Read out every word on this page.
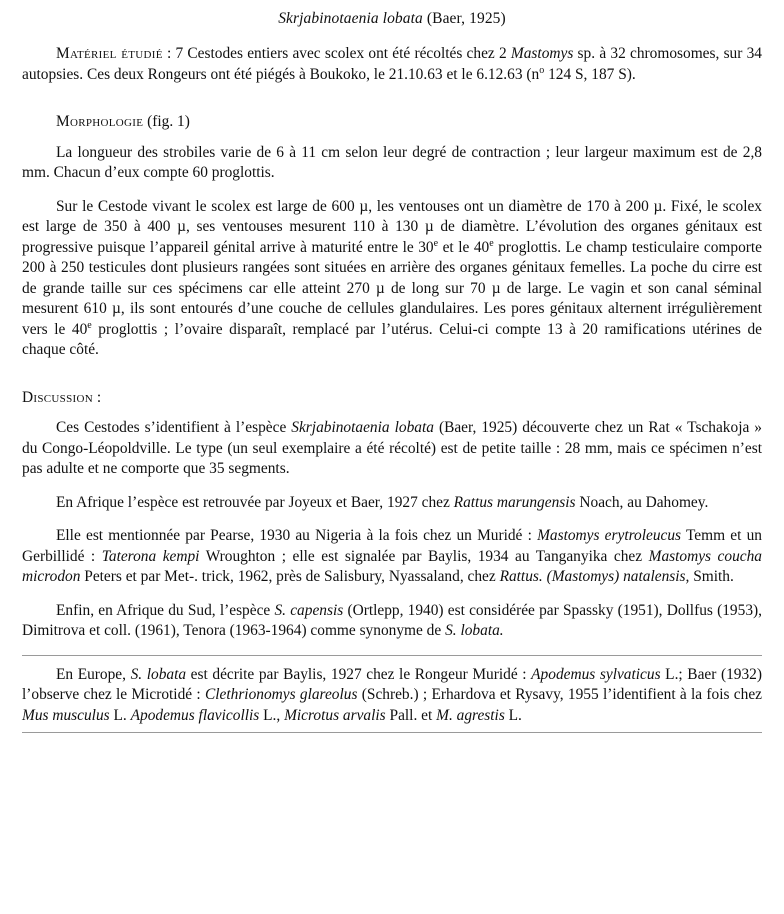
Skrjabinotaenia lobata (Baer, 1925)

Matériel étudié : 7 Cestodes entiers avec scolex ont été récoltés chez 2 Mastomys sp. à 32 chromosomes, sur 34 autopsies. Ces deux Rongeurs ont été piégés à Boukoko, le 21.10.63 et le 6.12.63 ($n^o$ 124 S, 187 S).

Morphologie (fig. 1)

La longueur des strobiles varie de 6 à 11 cm selon leur degré de contraction ; leur largeur maximum est de 2,8 mm. Chacun d’eux compte 60 proglottis.

Sur le Cestode vivant le scolex est large de 600 µ, les ventouses ont un diamètre de 170 à 200 µ. Fixé, le scolex est large de 350 à 400 µ, ses ventouses mesurent 110 à 130 µ de diamètre. L’évolution des organes génitaux est progressive puisque l’appareil génital arrive à maturité entre le 30e et le 40e proglottis. Le champ testiculaire comporte 200 à 250 testicules dont plusieurs rangées sont situées en arrière des organes génitaux femelles. La poche du cirre est de grande taille sur ces spécimens car elle atteint 270 µ de long sur 70 µ de large. Le vagin et son canal séminal mesurent 610 µ, ils sont entourés d’une couche de cellules glandulaires. Les pores génitaux alternent irrégulièrement vers le 40e proglottis ; l’ovaire disparaît, remplacé par l’utérus. Celui-ci compte 13 à 20 ramifications utérines de chaque côté.

Discussion :

Ces Cestodes s’identifient à l’espèce Skrjabinotaenia lobata (Baer, 1925) découverte chez un Rat « Tschakoja » du Congo-Léopoldville. Le type (un seul exemplaire a été récolté) est de petite taille : 28 mm, mais ce spécimen n’est pas adulte et ne comporte que 35 segments.

En Afrique l’espèce est retrouvée par Joyeux et Baer, 1927 chez Rattus marungensis Noach, au Dahomey.

Elle est mentionnée par Pearse, 1930 au Nigeria à la fois chez un Muridé : Mastomys erytroleucus Temm et un Gerbillidé : Taterona kempi Wroughton ; elle est signalée par Baylis, 1934 au Tanganyika chez Mastomys coucha microdon Peters et par Met-. trick, 1962, près de Salisbury, Nyassaland, chez Rattus. (Mastomys) natalensis, Smith.

Enfin, en Afrique du Sud, l’espèce S. capensis (Ortlepp, 1940) est considérée par Spassky (1951), Dollfus (1953), Dimitrova et coll. (1961), Tenora (1963-1964) comme synonyme de S. lobata.

En Europe, S. lobata est décrite par Baylis, 1927 chez le Rongeur Muridé : Apodemus sylvaticus L.; Baer (1932) l’observe chez le Microtidé : Clethrionomys glareolus (Schreb.) ; Erhardova et Rysavy, 1955 l’identifient à la fois chez Mus musculus L. Apodemus flavicollis L., Microtus arvalis Pall. et M. agrestis L.
